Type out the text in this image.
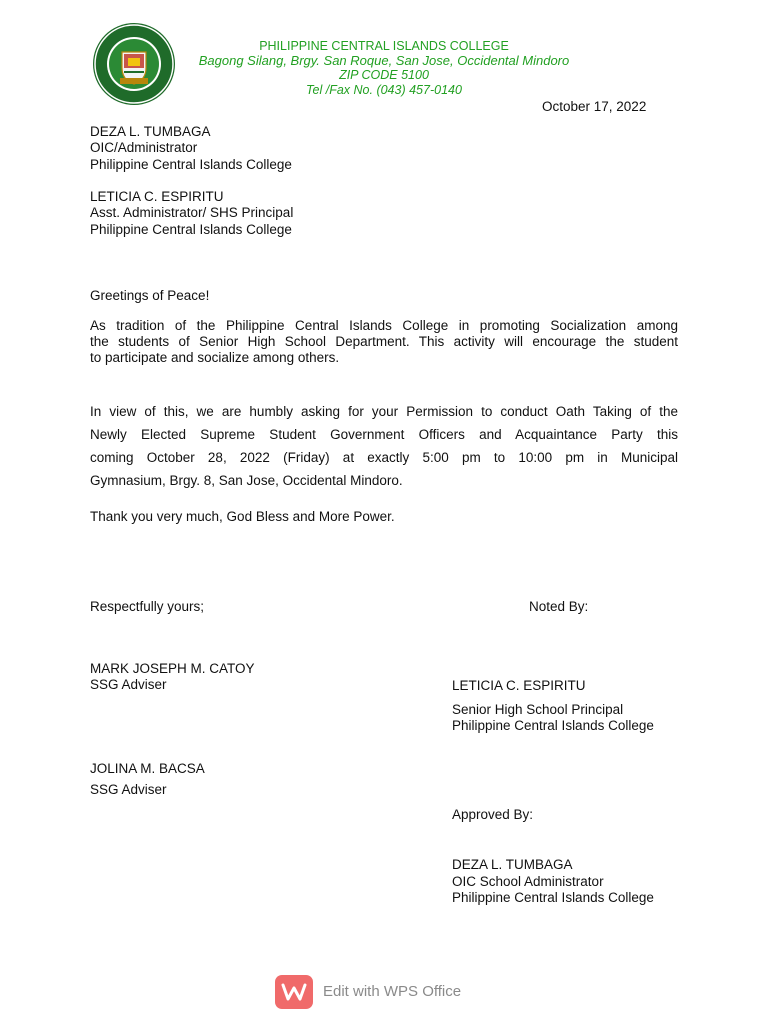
PHILIPPINE CENTRAL ISLANDS COLLEGE
Bagong Silang, Brgy. San Roque, San Jose, Occidental Mindoro
ZIP CODE 5100
Tel /Fax No. (043) 457-0140
October 17, 2022
DEZA L. TUMBAGA
OIC/Administrator
Philippine Central Islands College
LETICIA C. ESPIRITU
Asst. Administrator/ SHS Principal
Philippine Central Islands College
Greetings of Peace!
As tradition of the Philippine Central Islands College in promoting Socialization among
the students of Senior High School Department. This activity will encourage the student
to participate and socialize among others.
In view of this, we are humbly asking for your Permission to conduct Oath Taking of the
Newly Elected Supreme Student Government Officers and Acquaintance Party this
coming October 28, 2022 (Friday) at exactly 5:00 pm to 10:00 pm in Municipal
Gymnasium, Brgy. 8, San Jose, Occidental Mindoro.
Thank you very much, God Bless and More Power.
Respectfully yours;	Noted By:
MARK JOSEPH M. CATOY
SSG Adviser	LETICIA C. ESPIRITU
Senior High School Principal
Philippine Central Islands College
JOLINA M. BACSA
SSG Adviser
Approved By:
DEZA L. TUMBAGA
OIC School Administrator
Philippine Central Islands College
Edit with WPS Office
